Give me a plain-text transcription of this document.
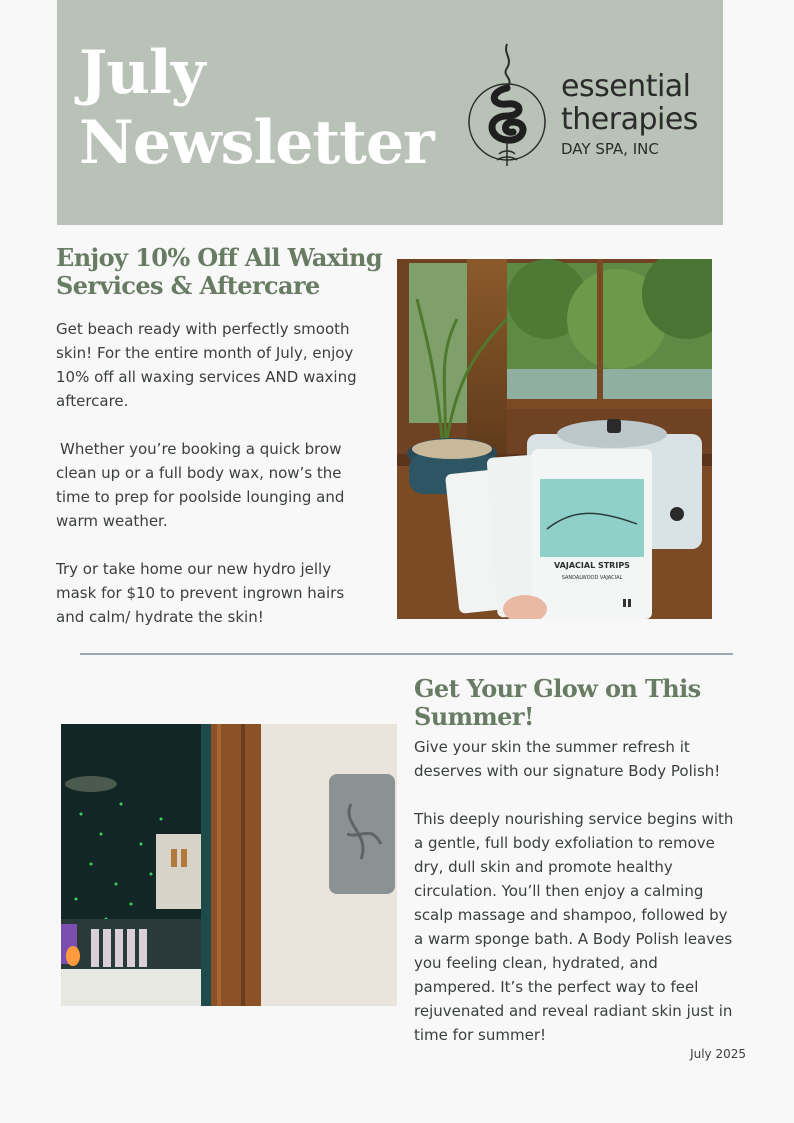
July
Newsletter
essential
therapies
DAY SPA, INC
Enjoy 10% Off All Waxing Services & Aftercare

Get beach ready with perfectly smooth skin! For the entire month of July, enjoy 10% off all waxing services AND waxing aftercare.

Whether you’re booking a quick brow clean up or a full body wax, now’s the time to prep for poolside lounging and warm weather.

Try or take home our new hydro jelly mask for $10 to prevent ingrown hairs and calm/ hydrate the skin!

VAJACIAL STRIPS
SANDALWOOD VAJACIAL
Get Your Glow on This Summer!

Give your skin the summer refresh it deserves with our signature Body Polish!

This deeply nourishing service begins with a gentle, full body exfoliation to remove dry, dull skin and promote healthy circulation. You’ll then enjoy a calming scalp massage and shampoo, followed by a warm sponge bath. A Body Polish leaves you feeling clean, hydrated, and pampered. It’s the perfect way to feel rejuvenated and reveal radiant skin just in time for summer!

July 2025
